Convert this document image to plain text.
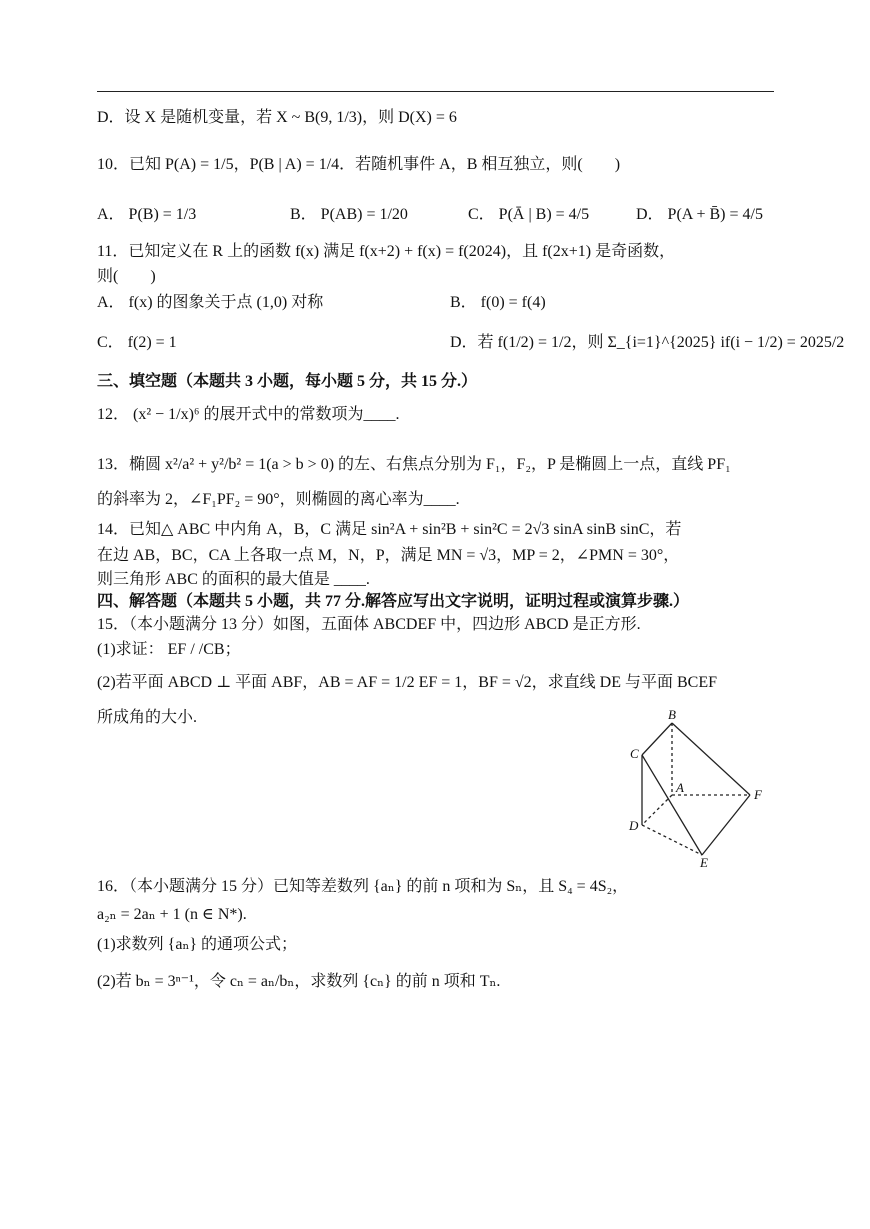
D．设 X 是随机变量，若 X ~ B(9, 1/3)，则 D(X) = 6
10．已知 P(A) = 1/5，P(B | A) = 1/4．若随机事件 A，B 相互独立，则(　　)
A． P(B) = 1/3	B． P(AB) = 1/20	C． P(Ā | B) = 4/5	D． P(A + B̄) = 4/5
11．已知定义在 R 上的函数 f(x) 满足 f(x+2) + f(x) = f(2024)，且 f(2x+1) 是奇函数，
则(　　)
A． f(x) 的图象关于点 (1,0) 对称	B． f(0) = f(4)
C． f(2) = 1	D．若 f(1/2) = 1/2，则 Σ_{i=1}^{2025} if(i − 1/2) = 2025/2
三、填空题（本题共 3 小题，每小题 5 分，共 15 分.）
12． (x² − 1/x)⁶ 的展开式中的常数项为____.
13．椭圆 x²/a² + y²/b² = 1(a > b > 0) 的左、右焦点分别为 F₁，F₂，P 是椭圆上一点，直线 PF₁
的斜率为 2，∠F₁PF₂ = 90°，则椭圆的离心率为____.
14．已知△ ABC 中内角 A，B，C 满足 sin²A + sin²B + sin²C = 2√3 sinA sinB sinC，若
在边 AB，BC，CA 上各取一点 M，N，P，满足 MN = √3，MP = 2，∠PMN = 30°，
则三角形 ABC 的面积的最大值是 ____.
四、解答题（本题共 5 小题，共 77 分.解答应写出文字说明，证明过程或演算步骤.）
15．（本小题满分 13 分）如图，五面体 ABCDEF 中，四边形 ABCD 是正方形.
(1)求证： EF / /CB；
(2)若平面 ABCD ⊥ 平面 ABF，AB = AF = 1/2 EF = 1，BF = √2，求直线 DE 与平面 BCEF
所成角的大小.	B
C
A	F
D
E
16．（本小题满分 15 分）已知等差数列 {aₙ} 的前 n 项和为 Sₙ，且 S₄ = 4S₂，
a₂ₙ = 2aₙ + 1 (n ∈ N*).
(1)求数列 {aₙ} 的通项公式；
(2)若 bₙ = 3ⁿ⁻¹，令 cₙ = aₙ/bₙ，求数列 {cₙ} 的前 n 项和 Tₙ.
